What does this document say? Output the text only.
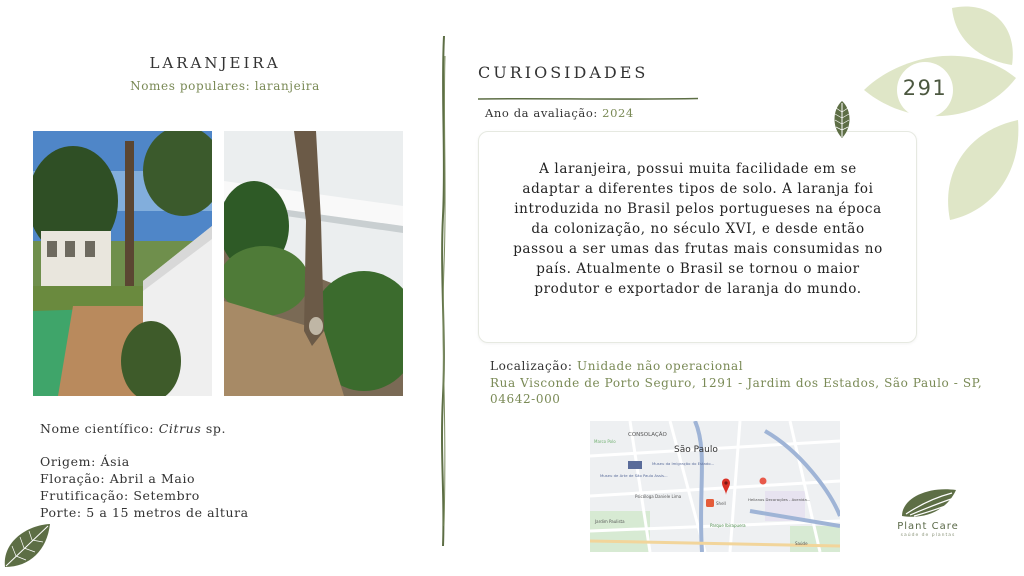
LARANJEIRA
Nomes populares: laranjeira
Nome científico: Citrus sp.
Origem: Ásia
Floração: Abril a Maio
Frutificação: Setembro
Porte: 5 a 15 metros de altura
CURIOSIDADES
Ano da avaliação: 2024
A laranjeira, possui muita facilidade em se adaptar a diferentes tipos de solo. A laranja foi introduzida no Brasil pelos portugueses na época da colonização, no século XVI, e desde então passou a ser umas das frutas mais consumidas no país. Atualmente o Brasil se tornou o maior produtor e exportador de laranja do mundo.
Localização: Unidade não operacional
Rua Visconde de Porto Seguro, 1291 - Jardim dos Estados, São Paulo - SP, 04642-000
CONSOLAÇÃO
São Paulo
Marco Polo
Museu da Imigração do Estado...
Museu de Arte de São Paulo Assis...
Psicóloga Daniele Lima
Shell
Helianos Decorações - Avenida...
Parque Ibirapuera
Saúde
Jardim Paulista
291
Plant Care
saúde de plantas
